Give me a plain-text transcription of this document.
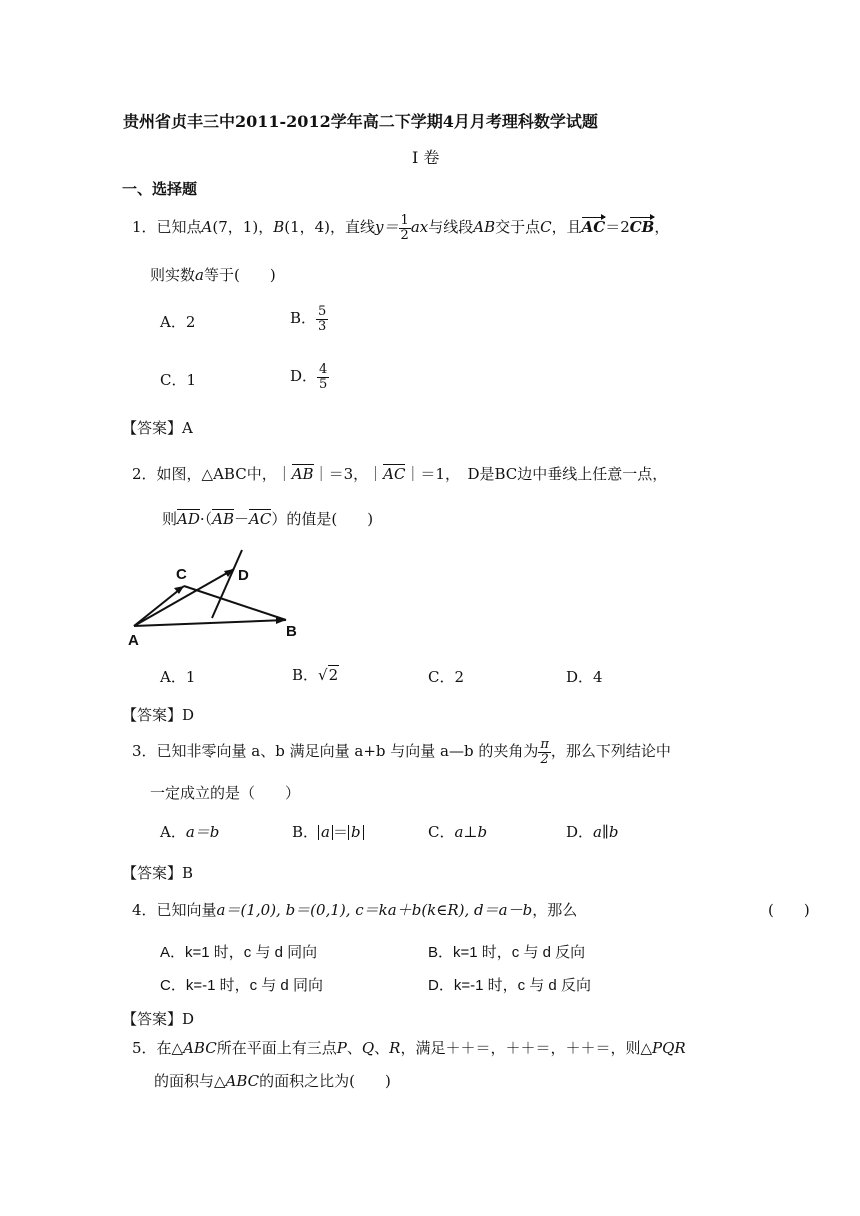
贵州省贞丰三中2011-2012学年高二下学期4月月考理科数学试题
I 卷
一、选择题
1．已知点A(7，1)，B(1，4)，直线$y= \frac{1}{2}$ ax与线段AB交于点C，且AC＝2CB，
则实数a等于(　　)
A．2	B． $\frac{5}{3}$
C．1	D． $\frac{4}{5}$
【答案】A
2．如图，△ABC中，｜AB｜＝3，｜AC｜＝1，　D是BC边中垂线上任意一点，
则AD·（AB－AC）的值是(　　)
A
B
C	D
A．1	B．√2	C．2	D．4
【答案】D
3．已知非零向量 a、b 满足向量 a+b 与向量 a—b 的夹角为 $\frac{\pi}{2}$ ，那么下列结论中
一定成立的是（　　）
A．a＝b	B． a ＝ b	C．a⊥b	D．a∥b
【答案】B
4．已知向量a＝(1,0), b＝(0,1), c＝ka＋b(k∈R), d＝a－b，那么	(　　)
A．k=1 时，c 与 d 同向	B．k=1 时，c 与 d 反向
C．k=-1 时，c 与 d 同向	D．k=-1 时，c 与 d 反向
【答案】D
5．在△ABC所在平面上有三点P、Q、R，满足＋＋＝，＋＋＝，＋＋＝，则△PQR
的面积与△ABC的面积之比为(　　)
